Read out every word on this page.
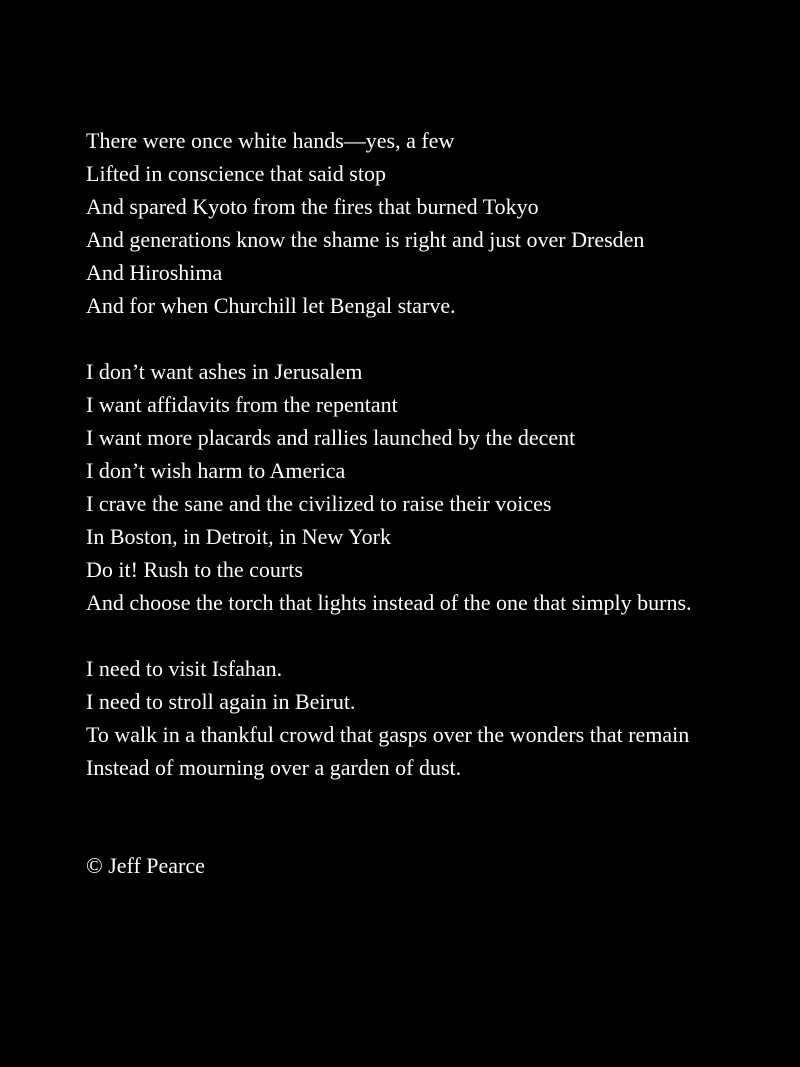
There were once white hands—yes, a few
Lifted in conscience that said stop
And spared Kyoto from the fires that burned Tokyo
And generations know the shame is right and just over Dresden
And Hiroshima
And for when Churchill let Bengal starve.
I don’t want ashes in Jerusalem
I want affidavits from the repentant
I want more placards and rallies launched by the decent
I don’t wish harm to America
I crave the sane and the civilized to raise their voices
In Boston, in Detroit, in New York
Do it! Rush to the courts
And choose the torch that lights instead of the one that simply burns.
I need to visit Isfahan.
I need to stroll again in Beirut.
To walk in a thankful crowd that gasps over the wonders that remain
Instead of mourning over a garden of dust.
© Jeff Pearce
